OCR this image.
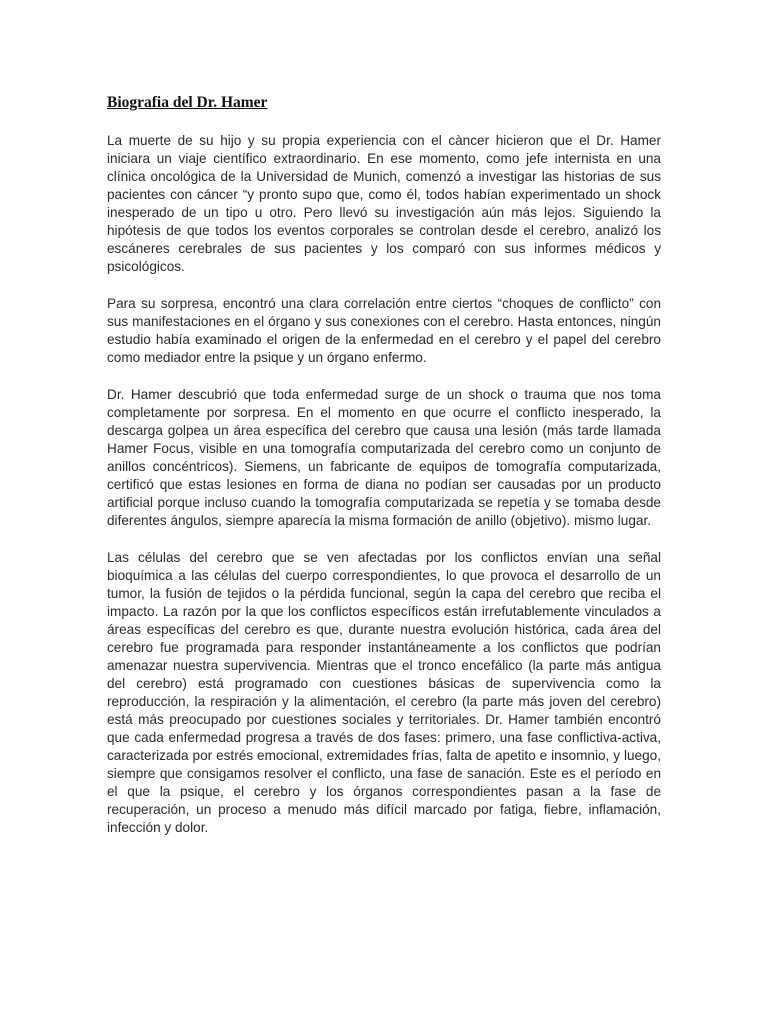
Biografia del Dr. Hamer

La muerte de su hijo y su propia experiencia con el càncer hicieron que el Dr. Hamer iniciara un viaje científico extraordinario. En ese momento, como jefe internista en una clínica oncológica de la Universidad de Munich, comenzó a investigar las historias de sus pacientes con cáncer “y pronto supo que, como él, todos habían experimentado un shock inesperado de un tipo u otro. Pero llevó su investigación aún más lejos. Siguiendo la hipótesis de que todos los eventos corporales se controlan desde el cerebro, analizó los escáneres cerebrales de sus pacientes y los comparó con sus informes médicos y psicológicos.

Para su sorpresa, encontró una clara correlación entre ciertos “choques de conflicto” con sus manifestaciones en el órgano y sus conexiones con el cerebro. Hasta entonces, ningún estudio había examinado el origen de la enfermedad en el cerebro y el papel del cerebro como mediador entre la psique y un órgano enfermo.

Dr. Hamer descubrió que toda enfermedad surge de un shock o trauma que nos toma completamente por sorpresa. En el momento en que ocurre el conflicto inesperado, la descarga golpea un área específica del cerebro que causa una lesión (más tarde llamada Hamer Focus, visible en una tomografía computarizada del cerebro como un conjunto de anillos concéntricos). Siemens, un fabricante de equipos de tomografía computarizada, certificó que estas lesiones en forma de diana no podían ser causadas por un producto artificial porque incluso cuando la tomografía computarizada se repetía y se tomaba desde diferentes ángulos, siempre aparecía la misma formación de anillo (objetivo). mismo lugar.

Las células del cerebro que se ven afectadas por los conflictos envían una señal bioquímica a las células del cuerpo correspondientes, lo que provoca el desarrollo de un tumor, la fusión de tejidos o la pérdida funcional, según la capa del cerebro que reciba el impacto. La razón por la que los conflictos específicos están irrefutablemente vinculados a áreas específicas del cerebro es que, durante nuestra evolución histórica, cada área del cerebro fue programada para responder instantáneamente a los conflictos que podrían amenazar nuestra supervivencia. Mientras que el tronco encefálico (la parte más antigua del cerebro) está programado con cuestiones básicas de supervivencia como la reproducción, la respiración y la alimentación, el cerebro (la parte más joven del cerebro) está más preocupado por cuestiones sociales y territoriales. Dr. Hamer también encontró que cada enfermedad progresa a través de dos fases: primero, una fase conflictiva-activa, caracterizada por estrés emocional, extremidades frías, falta de apetito e insomnio, y luego, siempre que consigamos resolver el conflicto, una fase de sanación. Este es el período en el que la psique, el cerebro y los órganos correspondientes pasan a la fase de recuperación, un proceso a menudo más difícil marcado por fatiga, fiebre, inflamación, infección y dolor.
